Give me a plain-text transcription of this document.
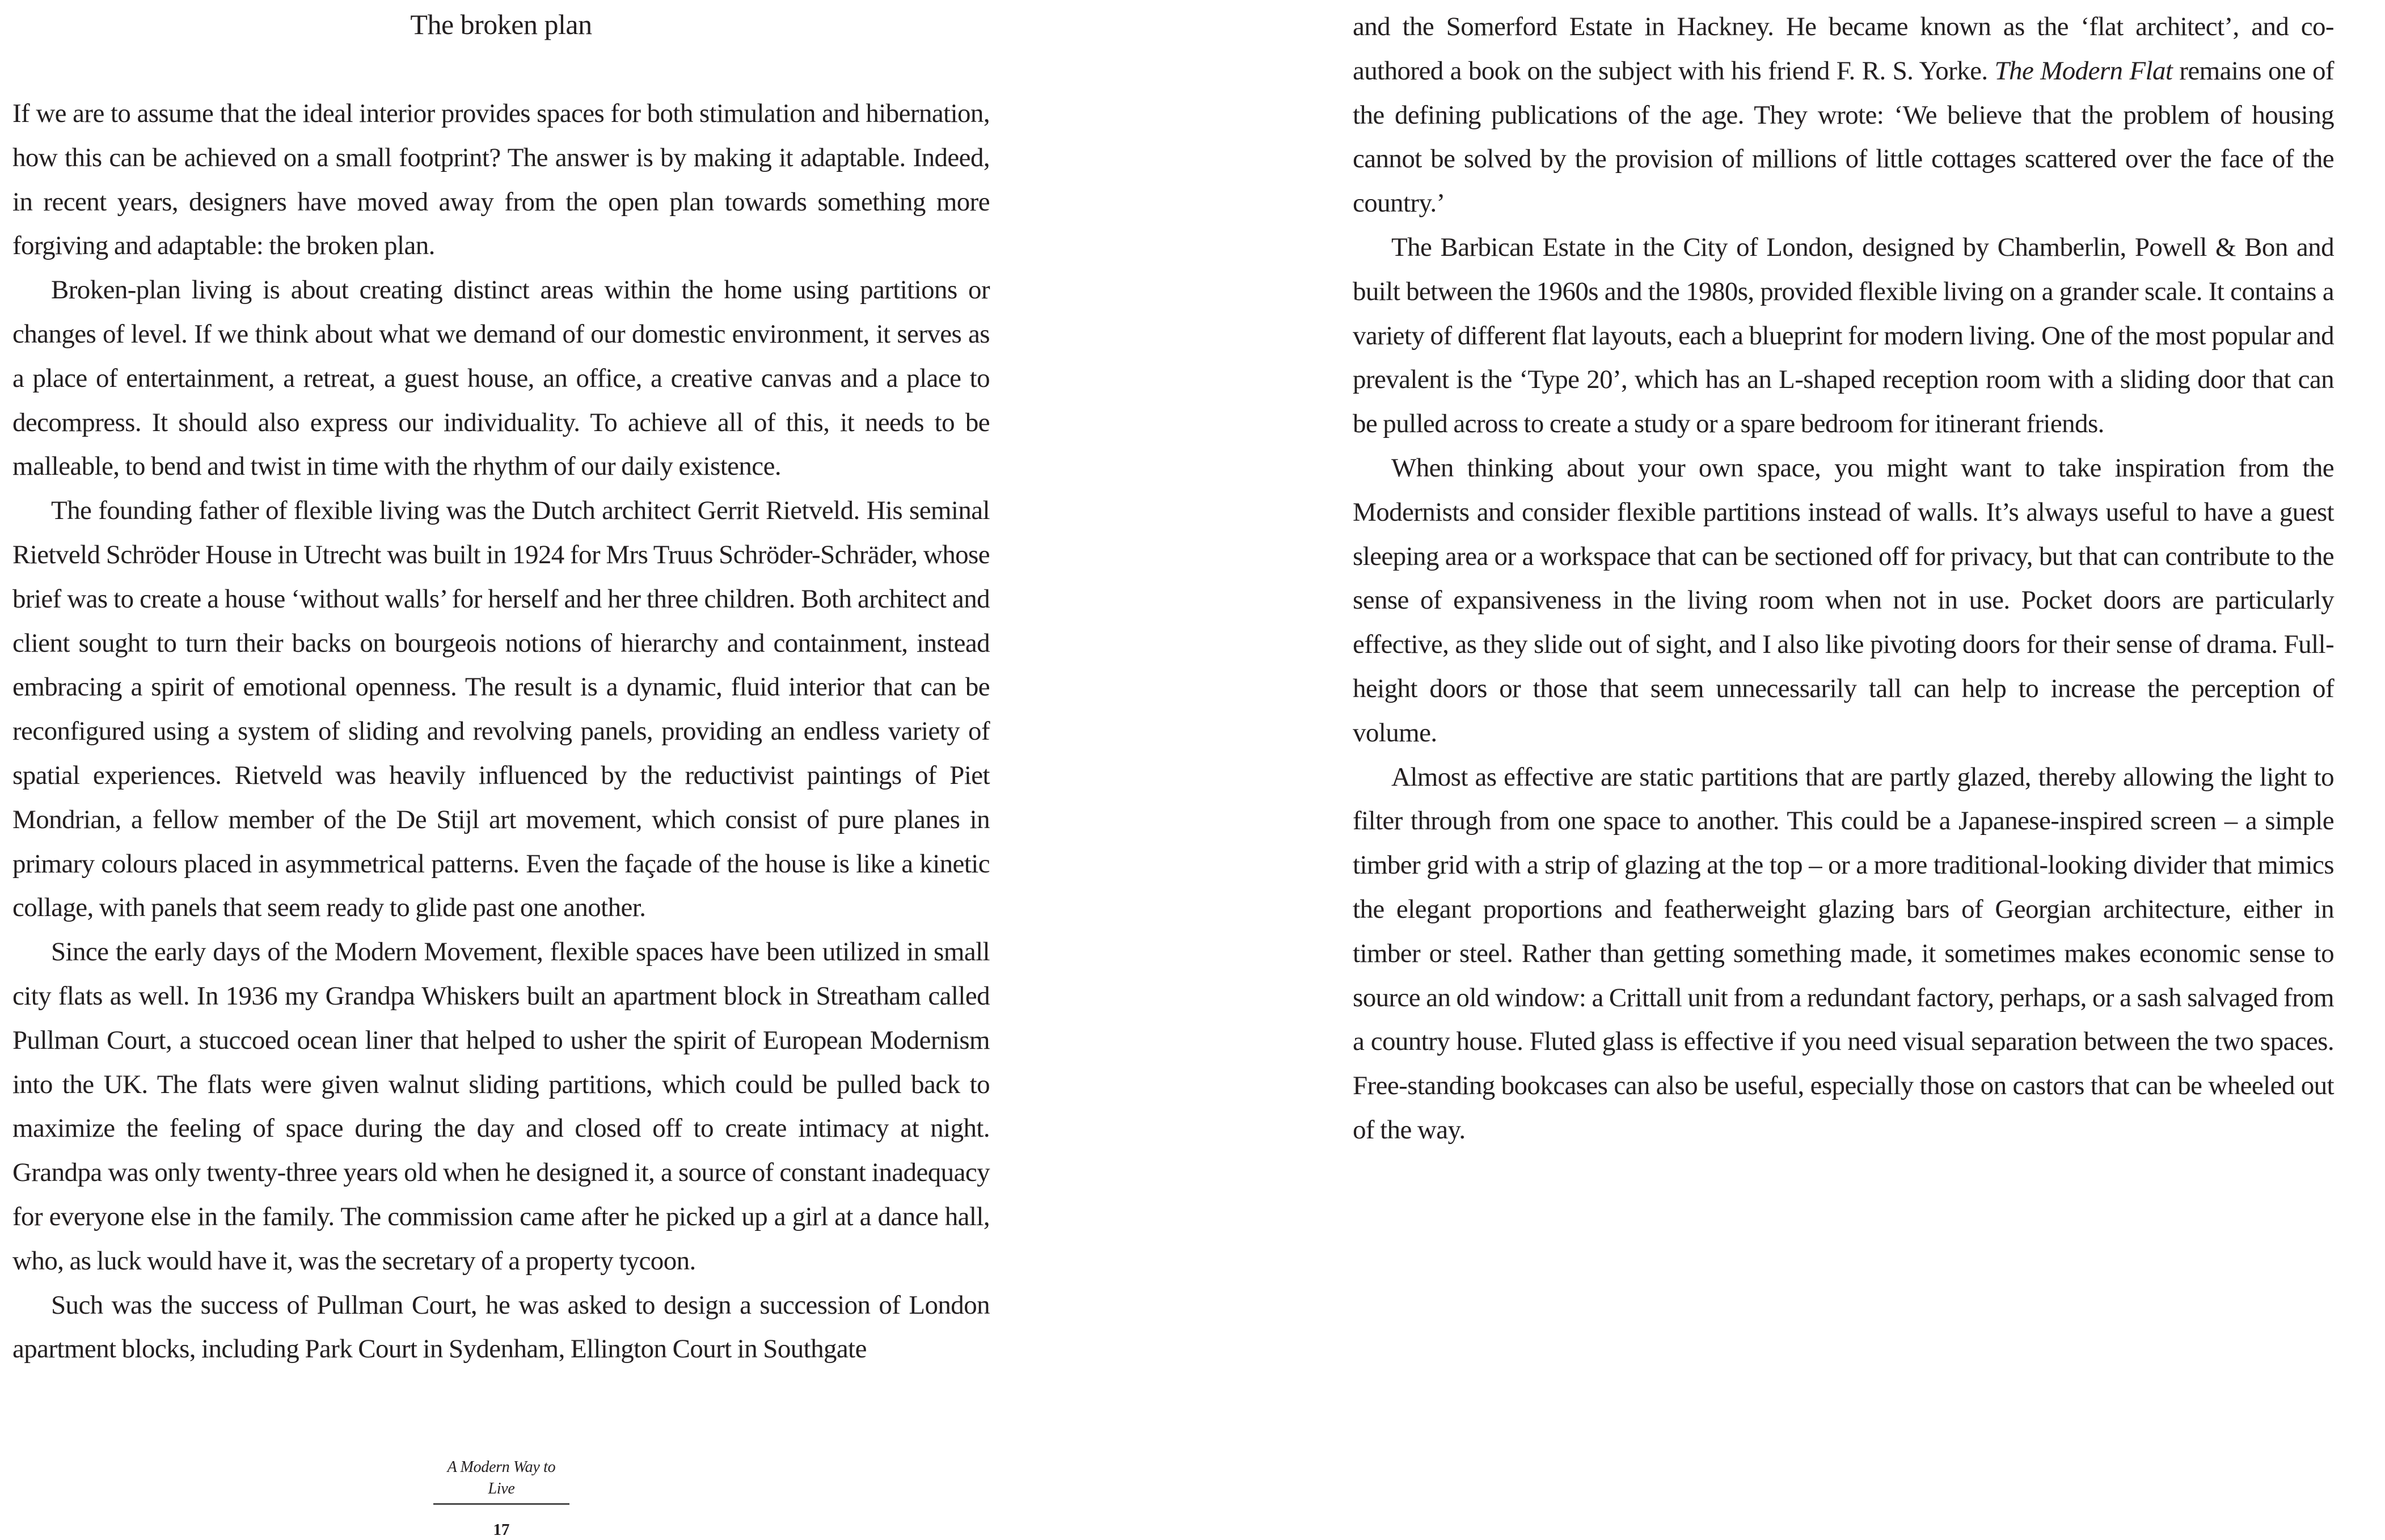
The broken plan

If we are to assume that the ideal interior provides spaces for both stimulation and hibernation, how this can be achieved on a small footprint? The answer is by making it adaptable. Indeed, in recent years, designers have moved away from the open plan towards something more forgiving and adaptable: the broken plan.

Broken-plan living is about creating distinct areas within the home using partitions or changes of level. If we think about what we demand of our domestic environment, it serves as a place of entertainment, a retreat, a guest house, an office, a creative canvas and a place to decompress. It should also express our individuality. To achieve all of this, it needs to be malleable, to bend and twist in time with the rhythm of our daily existence.

The founding father of flexible living was the Dutch architect Gerrit Rietveld. His seminal Rietveld Schröder House in Utrecht was built in 1924 for Mrs Truus Schröder-Schräder, whose brief was to create a house ‘without walls’ for herself and her three children. Both architect and client sought to turn their backs on bourgeois notions of hierarchy and containment, instead embracing a spirit of emotional openness. The result is a dynamic, fluid interior that can be reconfigured using a system of sliding and revolving panels, providing an endless variety of spatial experiences. Rietveld was heavily influenced by the reductivist paintings of Piet Mondrian, a fellow member of the De Stijl art movement, which consist of pure planes in primary colours placed in asymmetrical patterns. Even the façade of the house is like a kinetic collage, with panels that seem ready to glide past one another.

Since the early days of the Modern Movement, flexible spaces have been utilized in small city flats as well. In 1936 my Grandpa Whiskers built an apartment block in Streatham called Pullman Court, a stuccoed ocean liner that helped to usher the spirit of European Modernism into the UK. The flats were given walnut sliding partitions, which could be pulled back to maximize the feeling of space during the day and closed off to create intimacy at night. Grandpa was only twenty-three years old when he designed it, a source of constant inadequacy for everyone else in the family. The commission came after he picked up a girl at a dance hall, who, as luck would have it, was the secretary of a property tycoon.

Such was the success of Pullman Court, he was asked to design a succession of London apartment blocks, including Park Court in Sydenham, Ellington Court in Southgate

A Modern Way to Live
17

and the Somerford Estate in Hackney. He became known as the ‘flat architect’, and co-authored a book on the subject with his friend F. R. S. Yorke. The Modern Flat remains one of the defining publications of the age. They wrote: ‘We believe that the problem of housing cannot be solved by the provision of millions of little cottages scattered over the face of the country.’

The Barbican Estate in the City of London, designed by Chamberlin, Powell & Bon and built between the 1960s and the 1980s, provided flexible living on a grander scale. It contains a variety of different flat layouts, each a blueprint for modern living. One of the most popular and prevalent is the ‘Type 20’, which has an L-shaped reception room with a sliding door that can be pulled across to create a study or a spare bedroom for itinerant friends.

When thinking about your own space, you might want to take inspiration from the Modernists and consider flexible partitions instead of walls. It’s always useful to have a guest sleeping area or a workspace that can be sectioned off for privacy, but that can contribute to the sense of expansiveness in the living room when not in use. Pocket doors are particularly effective, as they slide out of sight, and I also like pivoting doors for their sense of drama. Full-height doors or those that seem unnecessarily tall can help to increase the perception of volume.

Almost as effective are static partitions that are partly glazed, thereby allowing the light to filter through from one space to another. This could be a Japanese-inspired screen – a simple timber grid with a strip of glazing at the top – or a more traditional-looking divider that mimics the elegant proportions and featherweight glazing bars of Georgian architecture, either in timber or steel. Rather than getting something made, it sometimes makes economic sense to source an old window: a Crittall unit from a redundant factory, perhaps, or a sash salvaged from a country house. Fluted glass is effective if you need visual separation between the two spaces. Free-standing bookcases can also be useful, especially those on castors that can be wheeled out of the way.
